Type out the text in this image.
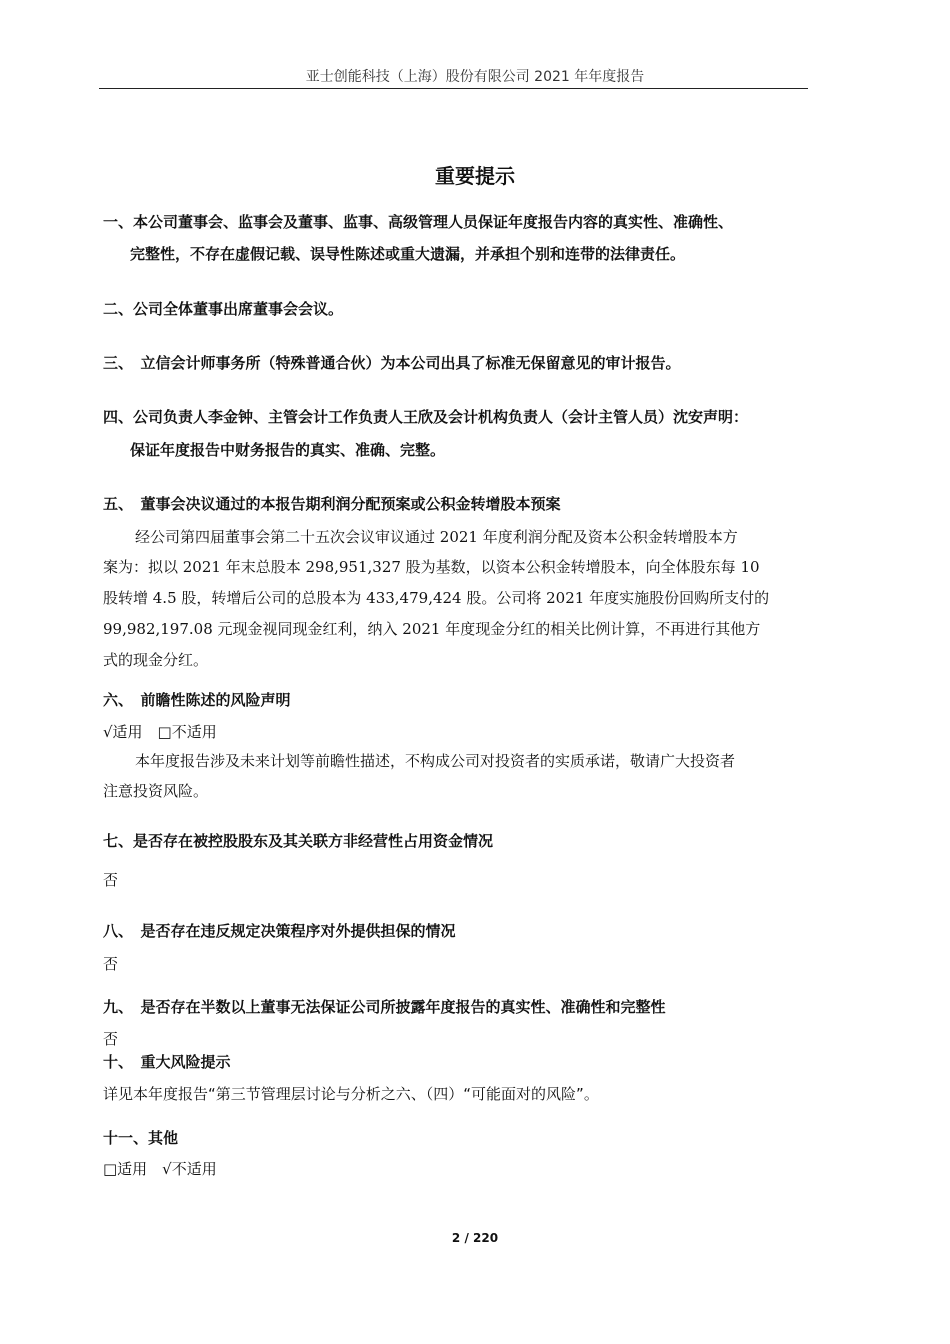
亚士创能科技（上海）股份有限公司 2021 年年度报告
重要提示
一、本公司董事会、监事会及董事、监事、高级管理人员保证年度报告内容的真实性、准确性、
完整性，不存在虚假记载、误导性陈述或重大遗漏，并承担个别和连带的法律责任。
二、公司全体董事出席董事会会议。
三、　立信会计师事务所（特殊普通合伙）为本公司出具了标准无保留意见的审计报告。
四、公司负责人李金钟、主管会计工作负责人王欣及会计机构负责人（会计主管人员）沈安声明：
保证年度报告中财务报告的真实、准确、完整。
五、　董事会决议通过的本报告期利润分配预案或公积金转增股本预案
经公司第四届董事会第二十五次会议审议通过 2021 年度利润分配及资本公积金转增股本方
案为：拟以 2021 年末总股本 298,951,327 股为基数，以资本公积金转增股本，向全体股东每 10
股转增 4.5 股，转增后公司的总股本为 433,479,424 股。公司将 2021 年度实施股份回购所支付的
99,982,197.08 元现金视同现金红利，纳入 2021 年度现金分红的相关比例计算，不再进行其他方
式的现金分红。
六、　前瞻性陈述的风险声明
√适用　□不适用
本年度报告涉及未来计划等前瞻性描述，不构成公司对投资者的实质承诺，敬请广大投资者
注意投资风险。
七、是否存在被控股股东及其关联方非经营性占用资金情况
否
八、　是否存在违反规定决策程序对外提供担保的情况
否
九、　是否存在半数以上董事无法保证公司所披露年度报告的真实性、准确性和完整性
否
十、　重大风险提示
详见本年度报告“第三节管理层讨论与分析之六、（四）“可能面对的风险”。
十一、其他
□适用　√不适用
2 / 220
